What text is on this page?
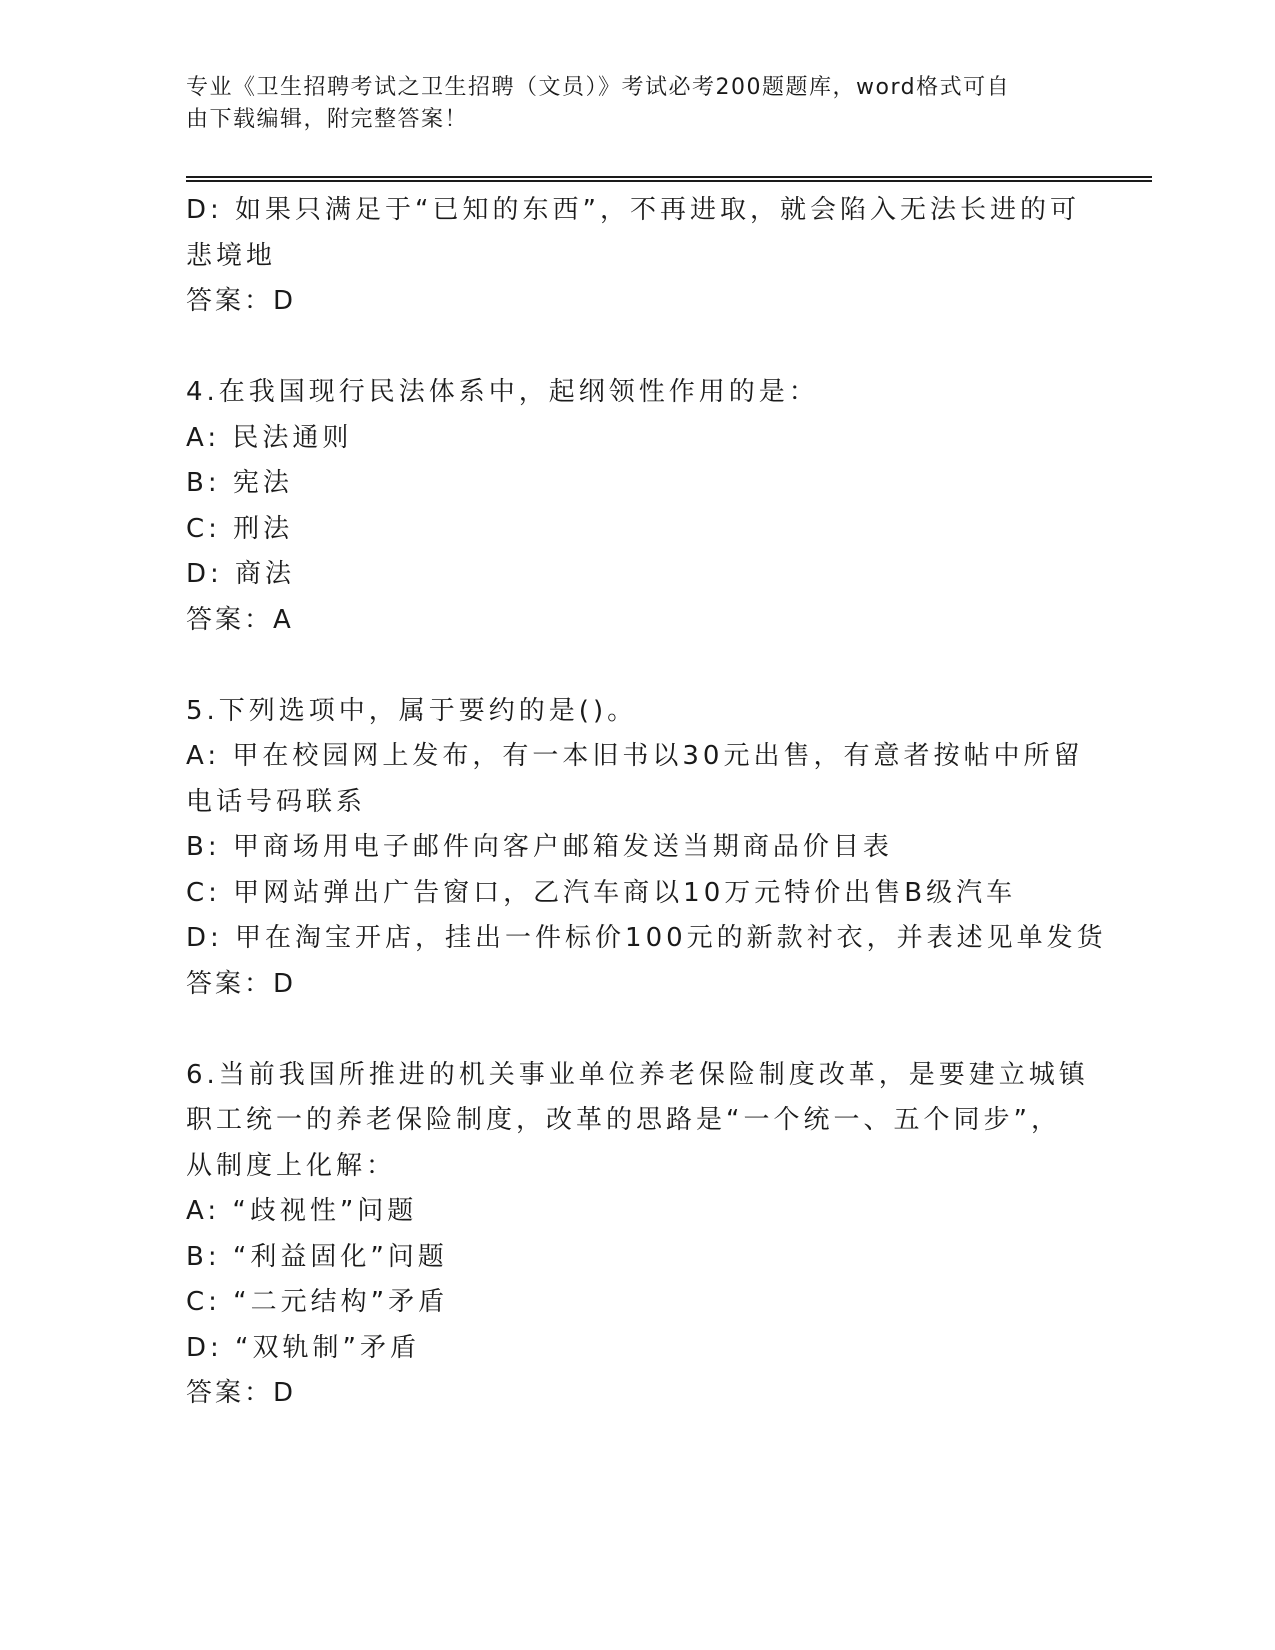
专业《卫生招聘考试之卫生招聘（文员）》考试必考200题题库，word格式可自
由下载编辑，附完整答案！
D: 如果只满足于“已知的东西”，不再进取，就会陷入无法长进的可
悲境地
答案：D
4.在我国现行民法体系中，起纲领性作用的是：
A: 民法通则
B: 宪法
C: 刑法
D: 商法
答案：A
5.下列选项中，属于要约的是()。
A: 甲在校园网上发布，有一本旧书以30元出售，有意者按帖中所留
电话号码联系
B: 甲商场用电子邮件向客户邮箱发送当期商品价目表
C: 甲网站弹出广告窗口，乙汽车商以10万元特价出售B级汽车
D: 甲在淘宝开店，挂出一件标价100元的新款衬衣，并表述见单发货
答案：D
6.当前我国所推进的机关事业单位养老保险制度改革，是要建立城镇
职工统一的养老保险制度，改革的思路是“一个统一、五个同步”，
从制度上化解：
A: “歧视性”问题
B: “利益固化”问题
C: “二元结构”矛盾
D: “双轨制”矛盾
答案：D
